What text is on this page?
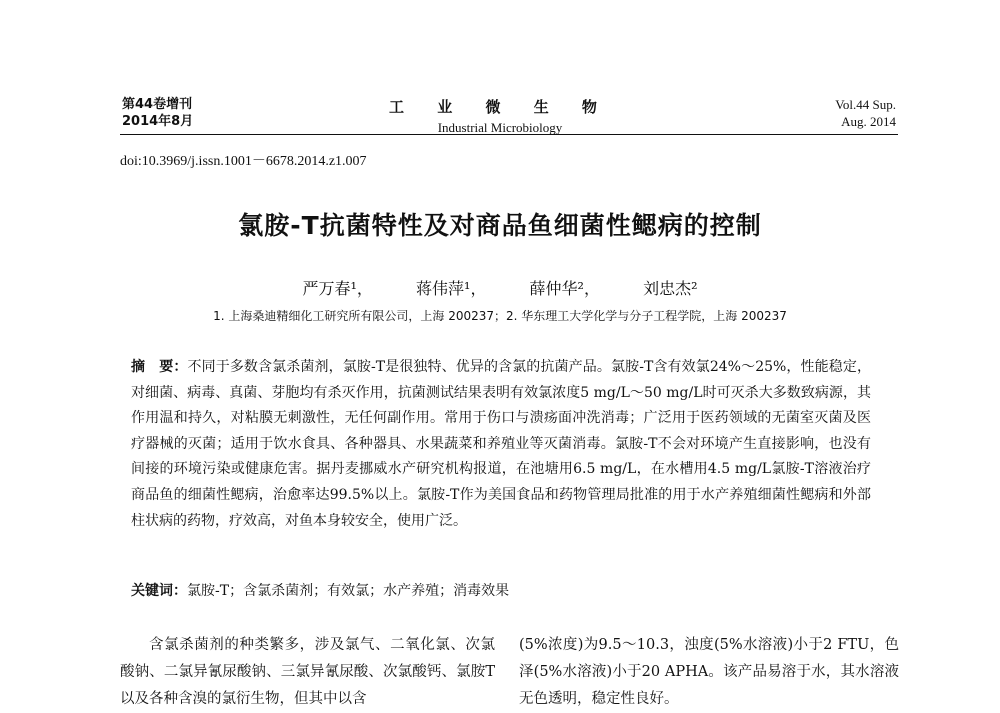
第44卷增刊
2014年8月
工 业 微 生 物
Industrial Microbiology
Vol.44 Sup.
Aug. 2014
doi:10.3969/j.issn.1001－6678.2014.z1.007
氯胺-T抗菌特性及对商品鱼细菌性鳃病的控制
严万春¹，	蒋伟萍¹，	薛仲华²，	刘忠杰²
1. 上海桑迪精细化工研究所有限公司，上海 200237；2. 华东理工大学化学与分子工程学院，上海 200237
摘　要：不同于多数含氯杀菌剂，氯胺-T是很独特、优异的含氯的抗菌产品。氯胺-T含有效氯24%～25%，性能稳定，对细菌、病毒、真菌、芽胞均有杀灭作用，抗菌测试结果表明有效氯浓度5 mg/L～50 mg/L时可灭杀大多数致病源，其作用温和持久，对粘膜无刺激性，无任何副作用。常用于伤口与溃疡面冲洗消毒；广泛用于医药领域的无菌室灭菌及医疗器械的灭菌；适用于饮水食具、各种器具、水果蔬菜和养殖业等灭菌消毒。氯胺-T不会对环境产生直接影响，也没有间接的环境污染或健康危害。据丹麦挪威水产研究机构报道，在池塘用6.5 mg/L，在水槽用4.5 mg/L氯胺-T溶液治疗商品鱼的细菌性鳃病，治愈率达99.5%以上。氯胺-T作为美国食品和药物管理局批准的用于水产养殖细菌性鳃病和外部柱状病的药物，疗效高，对鱼本身较安全，使用广泛。
关键词：氯胺-T；含氯杀菌剂；有效氯；水产养殖；消毒效果
含氯杀菌剂的种类繁多，涉及氯气、二氧化氯、次氯酸钠、二氯异氰尿酸钠、三氯异氰尿酸、次氯酸钙、氯胺T以及各种含溴的氯衍生物，但其中以含
(5%浓度)为9.5～10.3，浊度(5%水溶液)小于2 FTU，色泽(5%水溶液)小于20 APHA。该产品易溶于水，其水溶液无色透明，稳定性良好。
